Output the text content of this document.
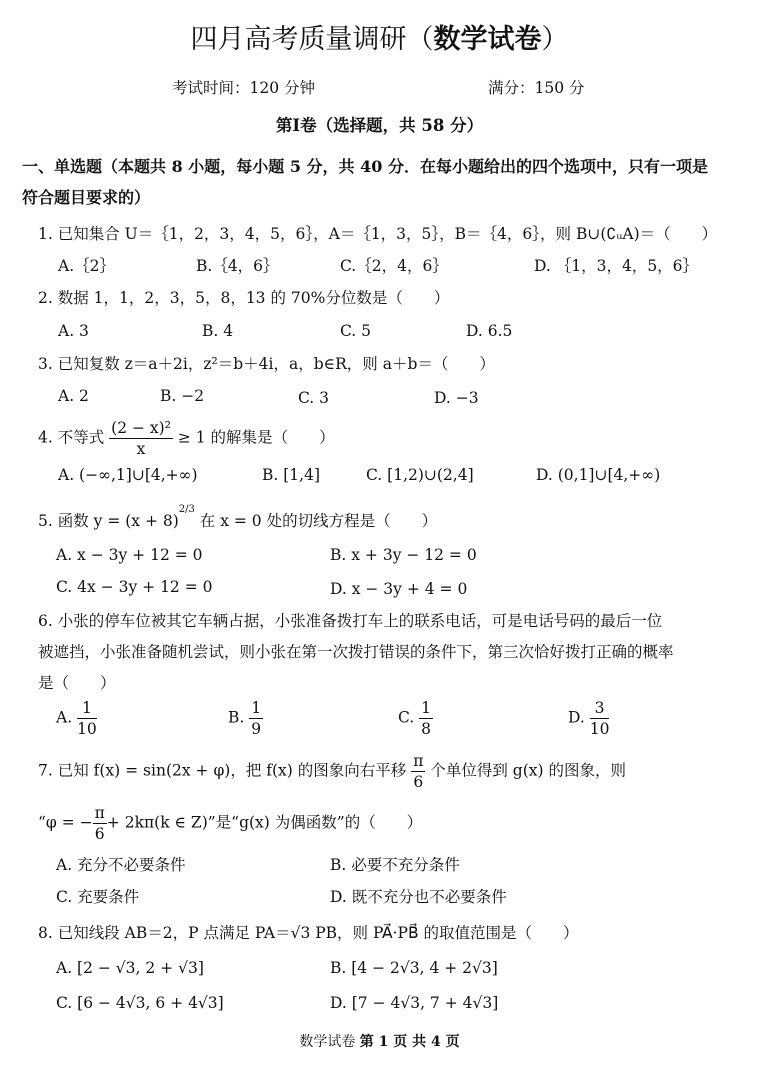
四月高考质量调研（数学试卷）
考试时间：120 分钟	满分：150 分
第Ⅰ卷（选择题，共 58 分）
一、单选题（本题共 8 小题，每小题 5 分，共 40 分．在每小题给出的四个选项中，只有一项是
符合题目要求的）
1. 已知集合 U＝｛1，2，3，4，5，6｝，A＝｛1，3，5｝，B＝｛4，6｝，则 B∪(∁ᵤA)＝（　　）
A.｛2｝	B.｛4，6｝	C.｛2，4，6｝	D. ｛1，3，4，5，6｝
2. 数据 1，1，2，3，5，8，13 的 70%分位数是（　　）
A. 3	B. 4	C. 5	D. 6.5
3. 已知复数 z＝a＋2i，z²＝b＋4i，a，b∈R，则 a＋b＝（　　）
A. 2	B. −2	C. 3	D. −3
4. 不等式 $\frac{\text{(2 − x)²}}{x} \ge 1$ 的解集是（　　）
A. (−∞,1]∪[4,+∞)	B. [1,4]	C. [1,2)∪(2,4]	D. (0,1]∪[4,+∞)
5. 函数 $y = (x + 8)^{2/3}$ 在 x = 0 处的切线方程是（　　）
A. x − 3y + 12 = 0	B. x + 3y − 12 = 0
C. 4x − 3y + 12 = 0	D. x − 3y + 4 = 0
6. 小张的停车位被其它车辆占据，小张准备拨打车上的联系电话，可是电话号码的最后一位
被遮挡，小张准备随机尝试，则小张在第一次拨打错误的条件下，第三次恰好拨打正确的概率
是（　　）
A. $\frac{1}{10}$	B. $\frac{1}{9}$	C. $\frac{1}{8}$	D. $\frac{3}{10}$
7. 已知 f(x) = sin(2x + φ)，把 f(x) 的图象向右平移 $\frac{\pi}{6}$ 个单位得到 g(x) 的图象，则
“φ = − $\frac{\pi}{6} + 2k\pi(k$ ∈ Z)”是“g(x) 为偶函数”的（　　）
A. 充分不必要条件	B. 必要不充分条件
C. 充要条件	D. 既不充分也不必要条件
8. 已知线段 AB＝2，P 点满足 PA＝√3 PB，则 PA⃗·PB⃗ 的取值范围是（　　）
A. [2 − √3, 2 + √3]	B. [4 − 2√3, 4 + 2√3]
C. [6 − 4√3, 6 + 4√3]	D. [7 − 4√3, 7 + 4√3]
数学试卷 第 1 页 共 4 页
